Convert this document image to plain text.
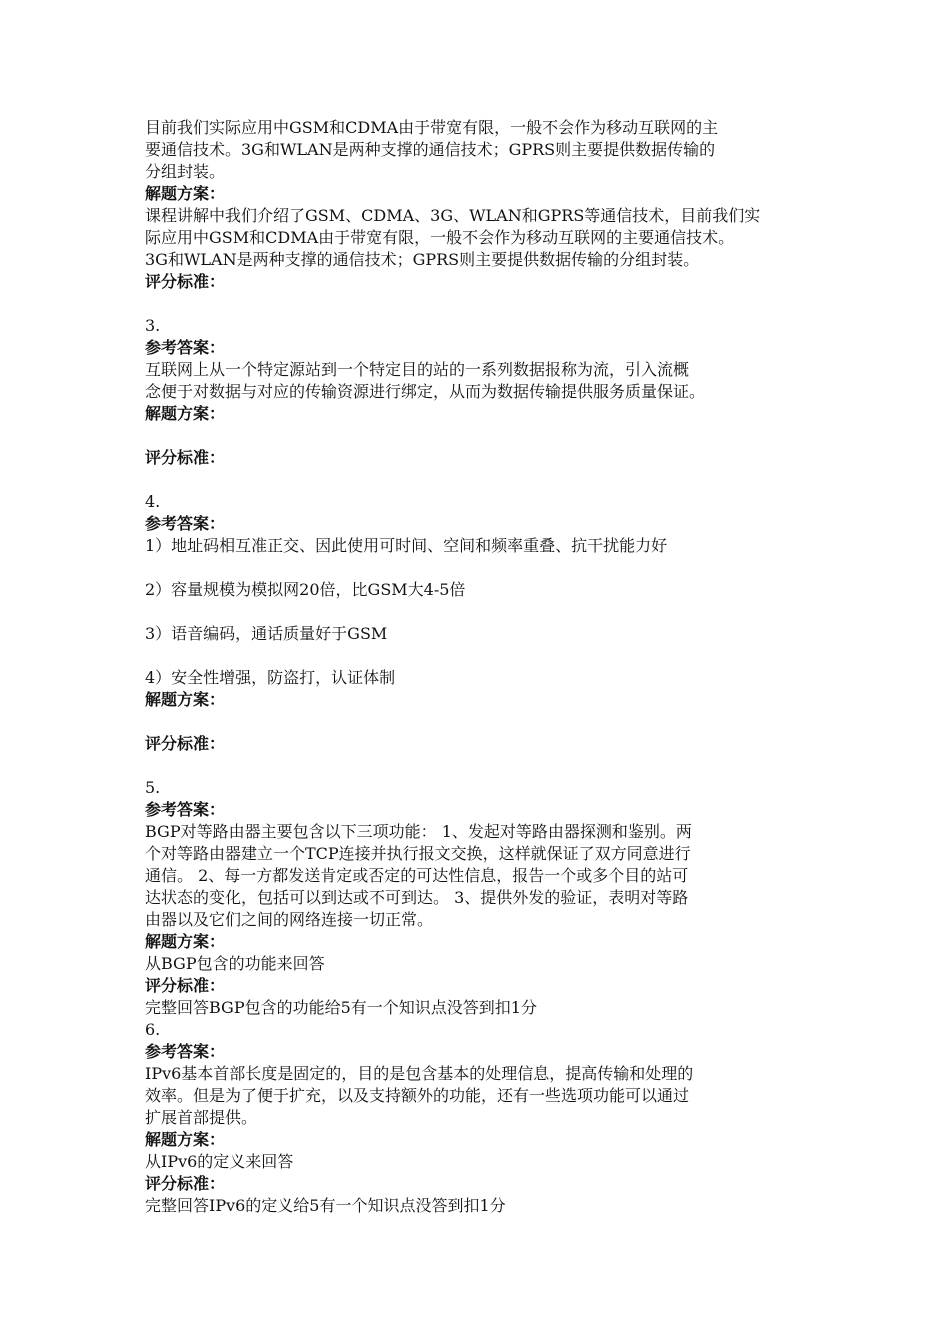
目前我们实际应用中GSM和CDMA由于带宽有限，一般不会作为移动互联网的主
要通信技术。3G和WLAN是两种支撑的通信技术；GPRS则主要提供数据传输的
分组封装。
解题方案：
课程讲解中我们介绍了GSM、CDMA、3G、WLAN和GPRS等通信技术，目前我们实
际应用中GSM和CDMA由于带宽有限，一般不会作为移动互联网的主要通信技术。
3G和WLAN是两种支撑的通信技术；GPRS则主要提供数据传输的分组封装。
评分标准：
3.
参考答案：
互联网上从一个特定源站到一个特定目的站的一系列数据报称为流，引入流概
念便于对数据与对应的传输资源进行绑定，从而为数据传输提供服务质量保证。
解题方案：
评分标准：
4.
参考答案：
1）地址码相互准正交、因此使用可时间、空间和频率重叠、抗干扰能力好
2）容量规模为模拟网20倍，比GSM大4-5倍
3）语音编码，通话质量好于GSM
4）安全性增强，防盗打，认证体制
解题方案：
评分标准：
5.
参考答案：
BGP对等路由器主要包含以下三项功能： 1、发起对等路由器探测和鉴别。两
个对等路由器建立一个TCP连接并执行报文交换，这样就保证了双方同意进行
通信。 2、每一方都发送肯定或否定的可达性信息，报告一个或多个目的站可
达状态的变化，包括可以到达或不可到达。 3、提供外发的验证，表明对等路
由器以及它们之间的网络连接一切正常。
解题方案：
从BGP包含的功能来回答
评分标准：
完整回答BGP包含的功能给5有一个知识点没答到扣1分
6.
参考答案：
IPv6基本首部长度是固定的，目的是包含基本的处理信息，提高传输和处理的
效率。但是为了便于扩充，以及支持额外的功能，还有一些选项功能可以通过
扩展首部提供。
解题方案：
从IPv6的定义来回答
评分标准：
完整回答IPv6的定义给5有一个知识点没答到扣1分
